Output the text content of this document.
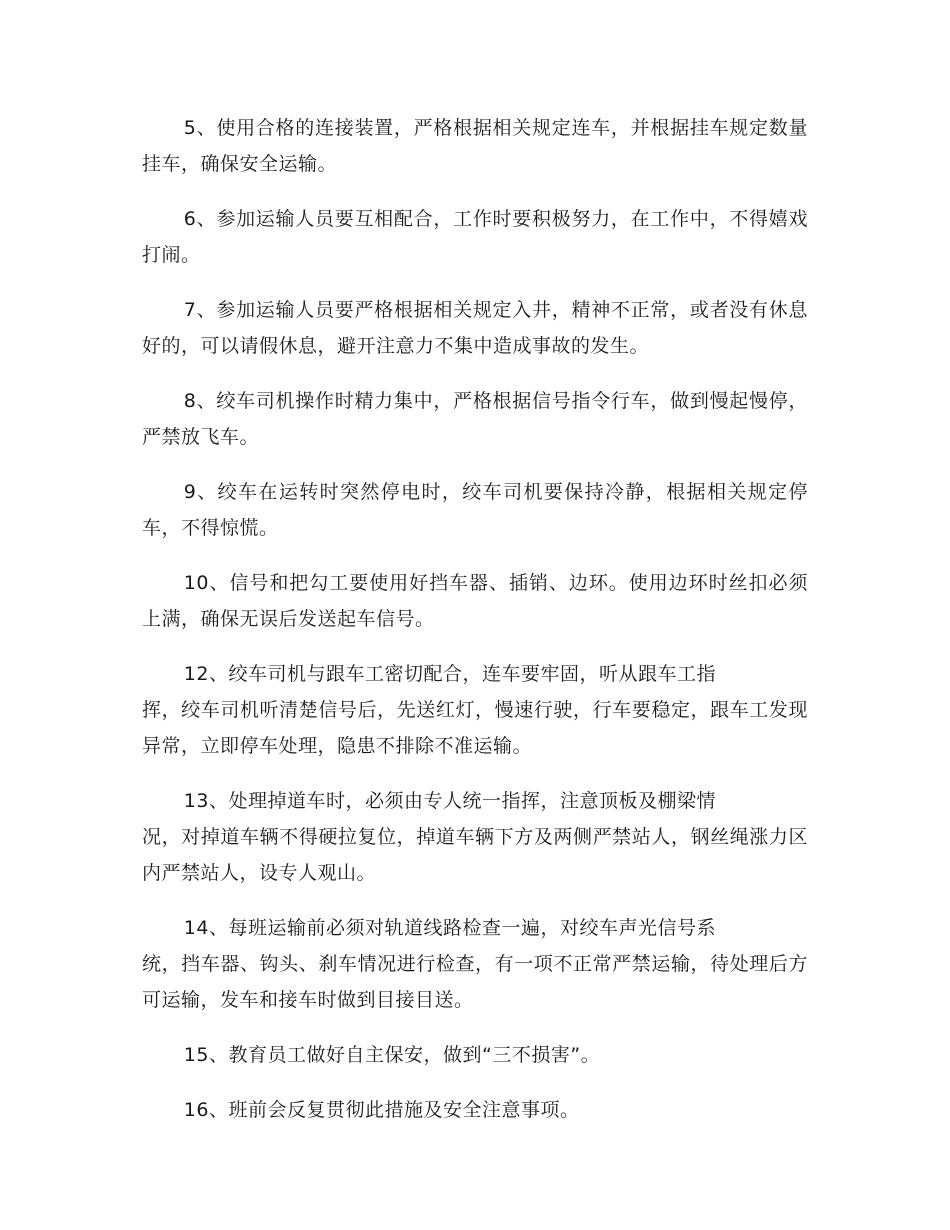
5、使用合格的连接装置，严格根据相关规定连车，并根据挂车规定数量挂车，确保安全运输。

6、参加运输人员要互相配合，工作时要积极努力，在工作中，不得嬉戏打闹。

7、参加运输人员要严格根据相关规定入井，精神不正常，或者没有休息好的，可以请假休息，避开注意力不集中造成事故的发生。

8、绞车司机操作时精力集中，严格根据信号指令行车，做到慢起慢停，严禁放飞车。

9、绞车在运转时突然停电时，绞车司机要保持冷静，根据相关规定停车，不得惊慌。

10、信号和把勾工要使用好挡车器、插销、边环。使用边环时丝扣必须上满，确保无误后发送起车信号。

12、绞车司机与跟车工密切配合，连车要牢固，听从跟车工指
挥，绞车司机听清楚信号后，先送红灯，慢速行驶，行车要稳定，跟车工发现异常，立即停车处理，隐患不排除不准运输。

13、处理掉道车时，必须由专人统一指挥，注意顶板及棚梁情
况，对掉道车辆不得硬拉复位，掉道车辆下方及两侧严禁站人，钢丝绳涨力区内严禁站人，设专人观山。

14、每班运输前必须对轨道线路检查一遍，对绞车声光信号系
统，挡车器、钩头、刹车情况进行检查，有一项不正常严禁运输，待处理后方可运输，发车和接车时做到目接目送。

15、教育员工做好自主保安，做到“三不损害”。

16、班前会反复贯彻此措施及安全注意事项。
